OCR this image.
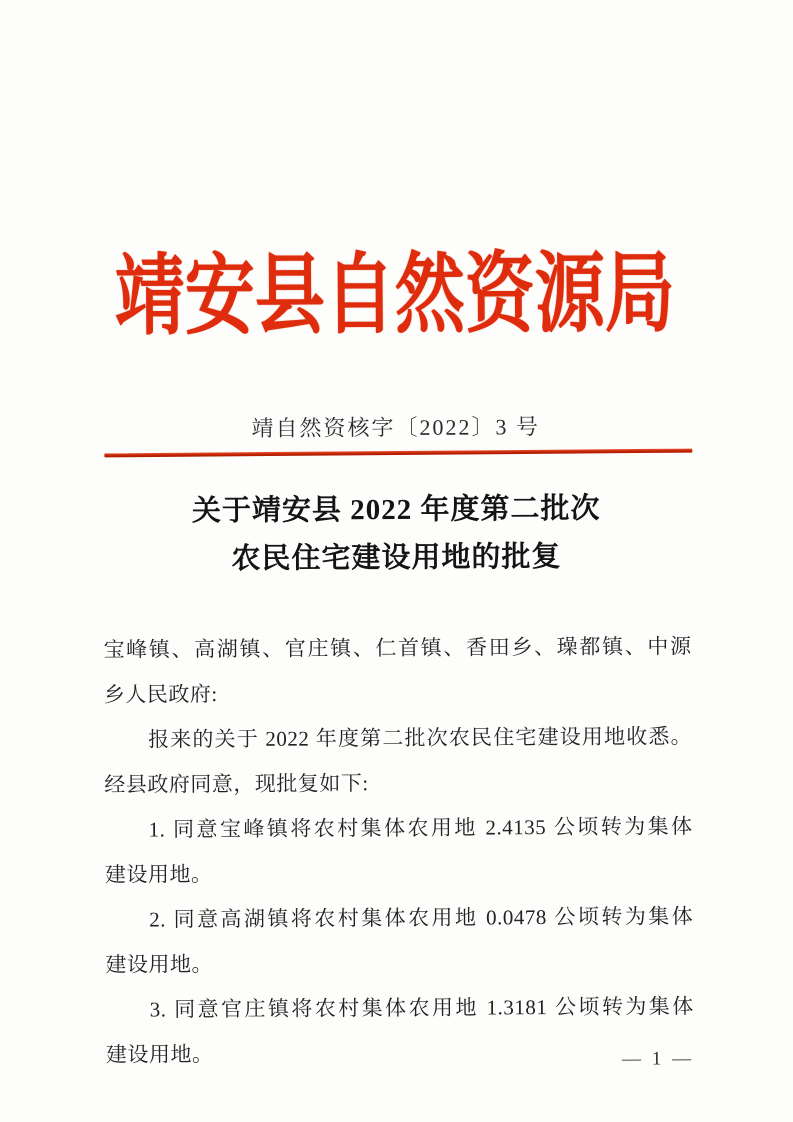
靖安县自然资源局
靖自然资核字〔2022〕3 号
关于靖安县 2022 年度第二批次
农民住宅建设用地的批复
宝峰镇、高湖镇、官庄镇、仁首镇、香田乡、璪都镇、中源
乡人民政府:
报来的关于 2022 年度第二批次农民住宅建设用地收悉。
经县政府同意，现批复如下:
1. 同意宝峰镇将农村集体农用地 2.4135 公顷转为集体
建设用地。
2. 同意高湖镇将农村集体农用地 0.0478 公顷转为集体
建设用地。
3. 同意官庄镇将农村集体农用地 1.3181 公顷转为集体
建设用地。	— 1 —
